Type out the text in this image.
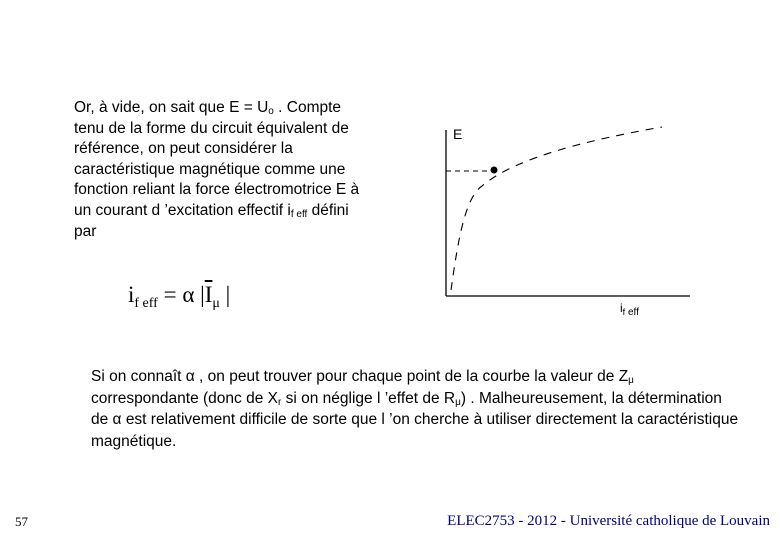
Or, à vide, on sait que $E = U_o$ . Compte tenu de la forme du circuit équivalent de référence, on peut considérer la caractéristique magnétique comme une fonction reliant la force électromotrice E à un courant d ’excitation effectif $i_{f eff}$ défini par
$i_{f eff} = \alpha$ $|\overline{I}_\mu$ |
E
$i_f$ eff
Si on connaît α , on peut trouver pour chaque point de la courbe la valeur de $Z_\mu$ correspondante (donc de $X_r$ si on néglige l ’effet de $R_\mu$) . Malheureusement, la détermination de α est relativement difficile de sorte que l ’on cherche à utiliser directement la caractéristique magnétique.
57	ELEC2753 - 2012 - Université catholique de Louvain
